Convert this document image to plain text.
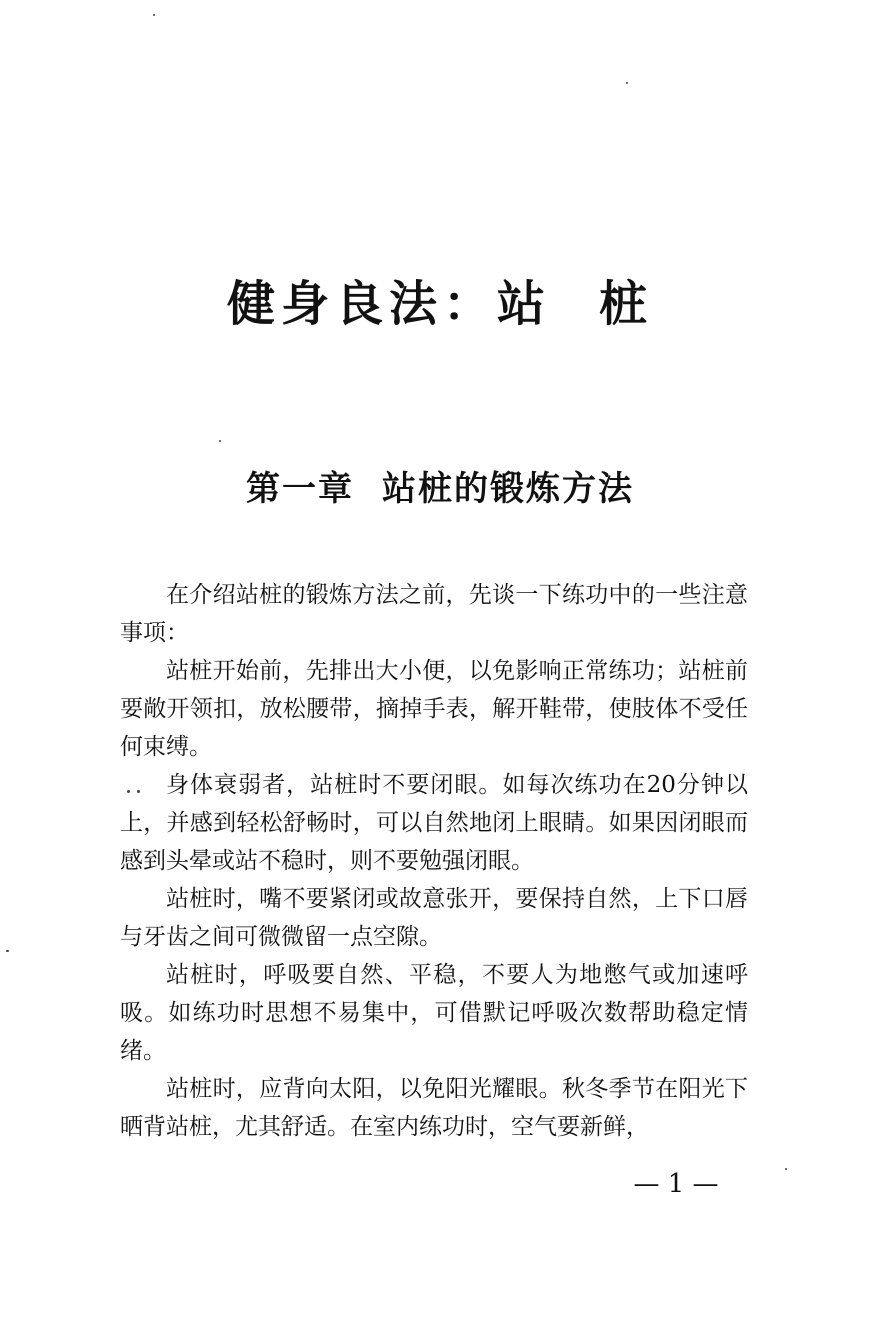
健身良法：站 桩
第一章 站桩的锻炼方法

在介绍站桩的锻炼方法之前，先谈一下练功中的一些注意事项：

站桩开始前，先排出大小便，以免影响正常练功；站桩前要敞开领扣，放松腰带，摘掉手表，解开鞋带，使肢体不受任何束缚。

身体衰弱者，站桩时不要闭眼。如每次练功在20分钟以上，并感到轻松舒畅时，可以自然地闭上眼睛。如果因闭眼而感到头晕或站不稳时，则不要勉强闭眼。

站桩时，嘴不要紧闭或故意张开，要保持自然，上下口唇与牙齿之间可微微留一点空隙。

站桩时，呼吸要自然、平稳，不要人为地憋气或加速呼吸。如练功时思想不易集中，可借默记呼吸次数帮助稳定情绪。

站桩时，应背向太阳，以免阳光耀眼。秋冬季节在阳光下晒背站桩，尤其舒适。在室内练功时，空气要新鲜，

— 1 —
